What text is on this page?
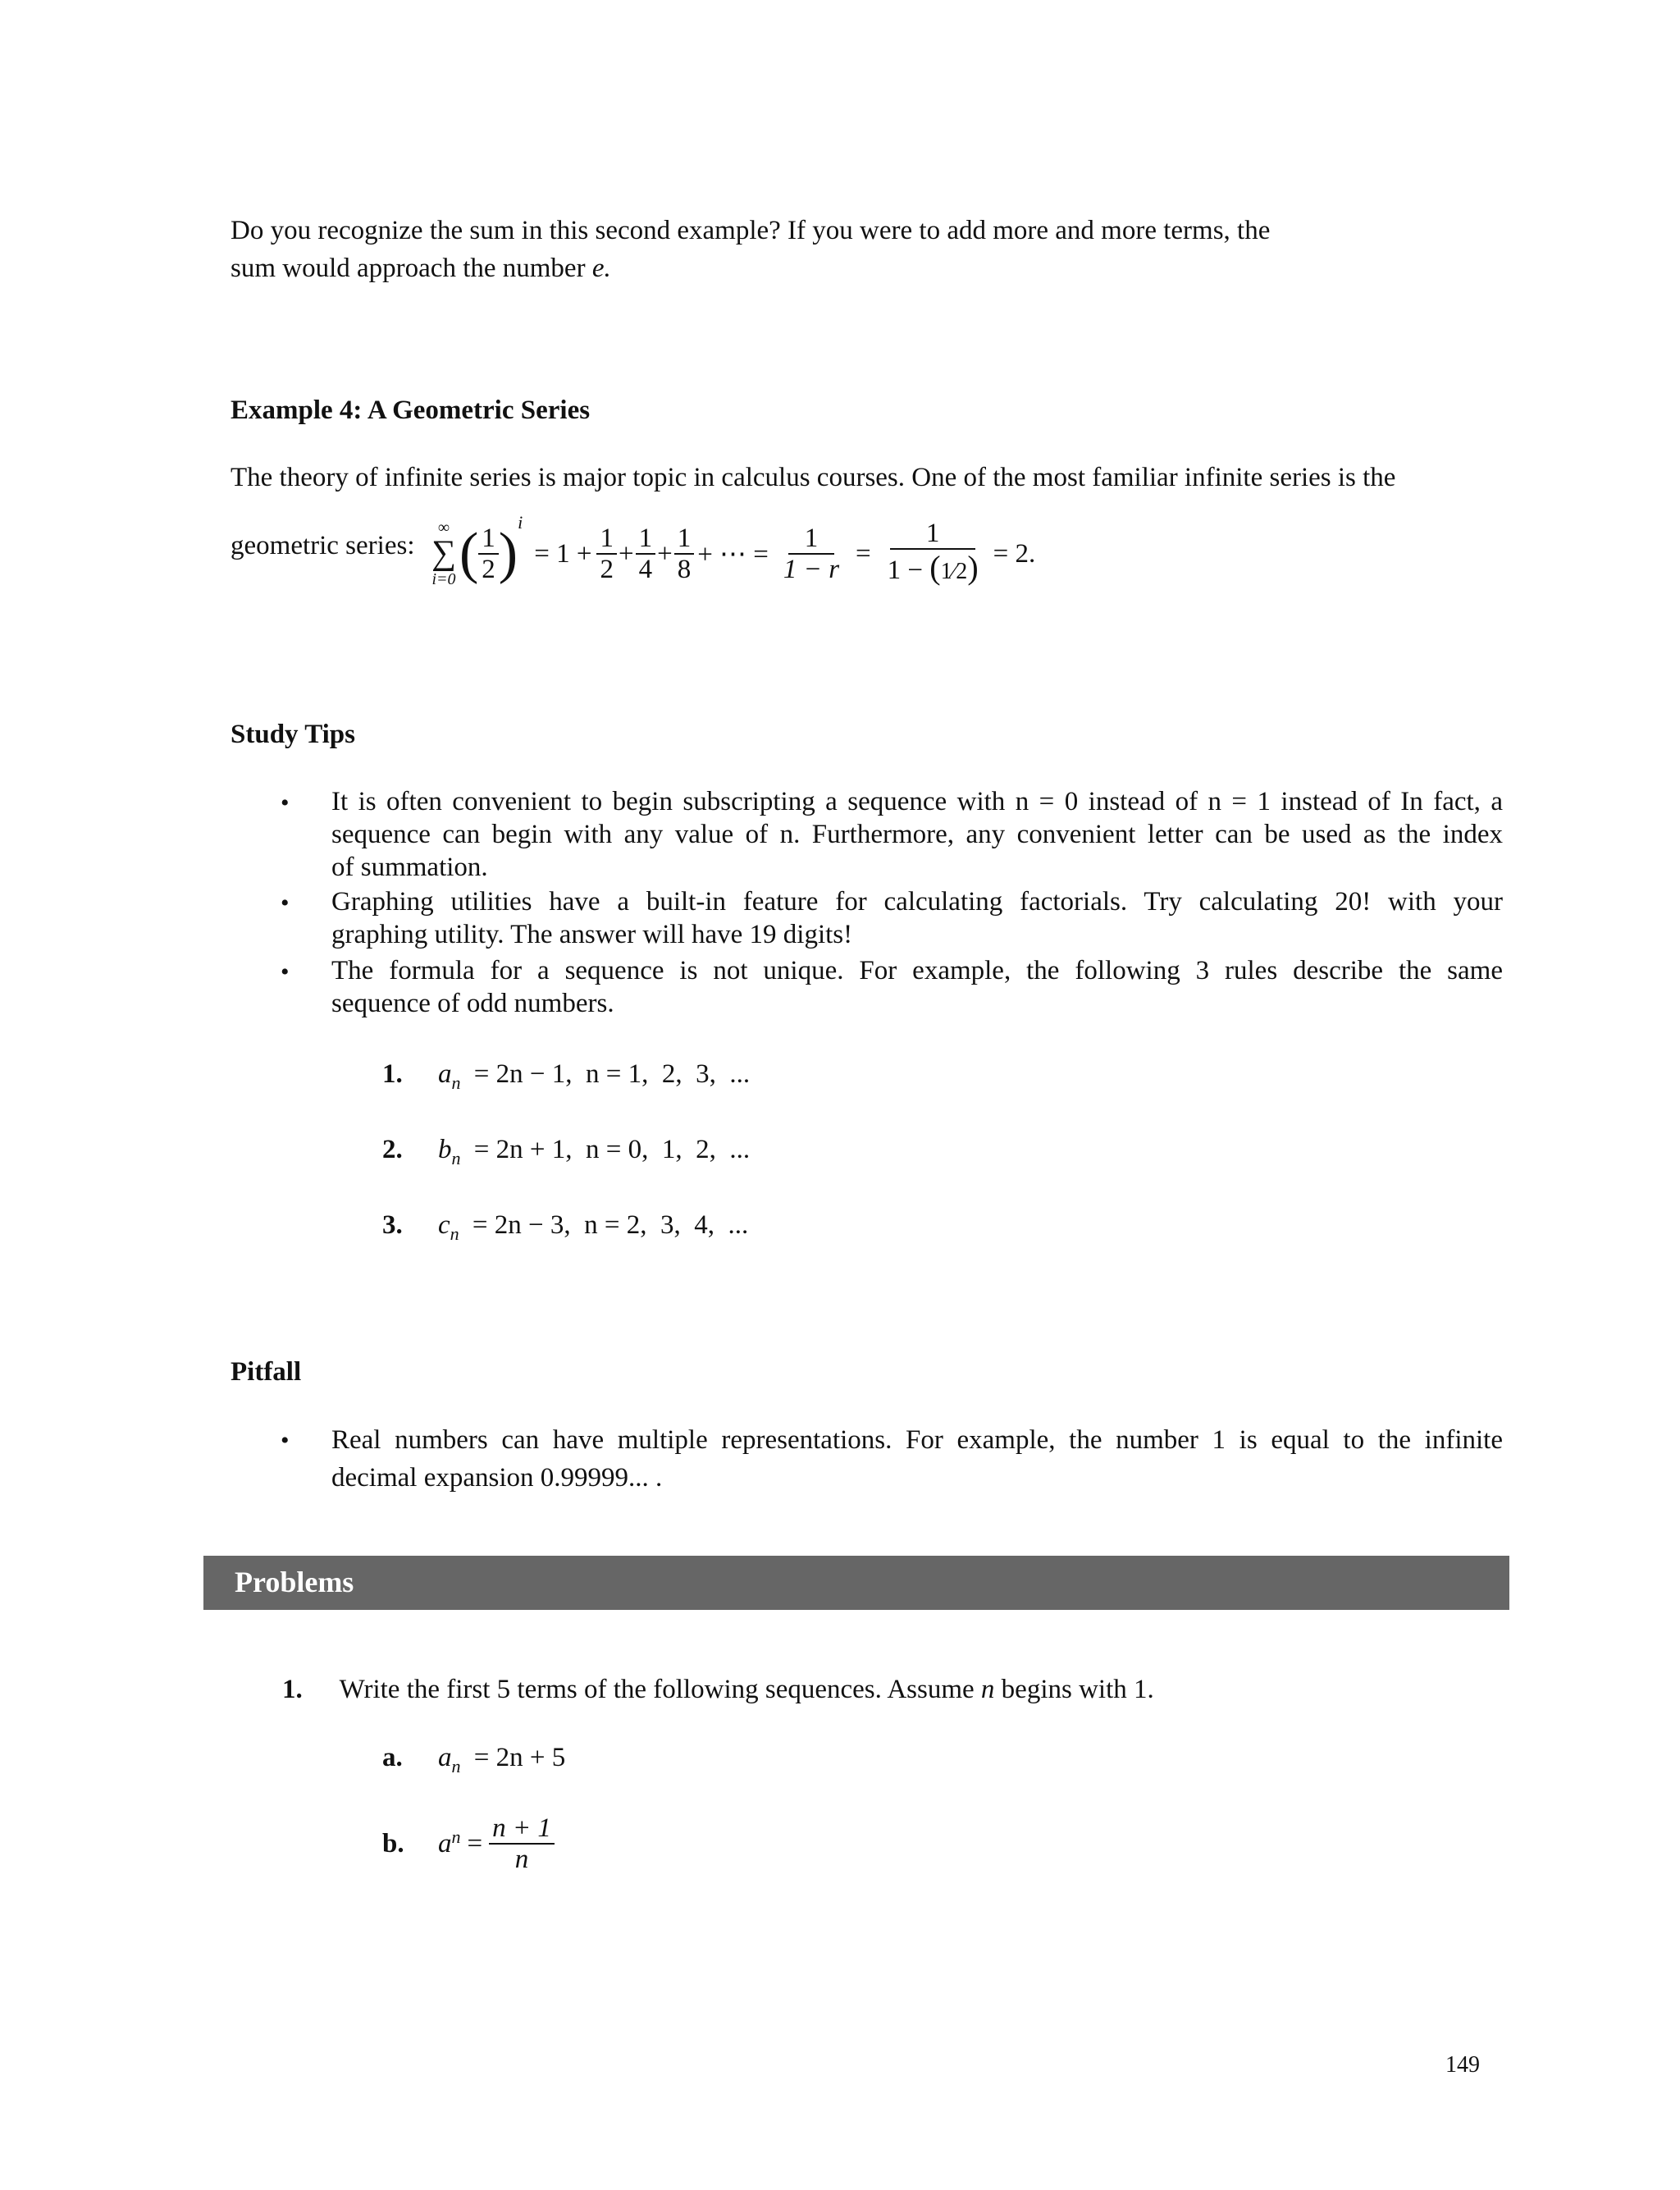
Do you recognize the sum in this second example? If you were to add more and more terms, the
sum would approach the number e.
Example 4: A Geometric Series
The theory of infinite series is major topic in calculus courses. One of the most familiar infinite series is the
geometric series:
∞
∑
i=0 ( $\frac{1}{2}$ ) i
= $1 + \frac{1}{2} + \frac{1}{4} + \frac{1}{8}$ + ⋯ = $\frac{1}{1 - r} = \frac{1}{1 - (1⁄2)} = 2$.
Study Tips
• It is often convenient to begin subscripting a sequence with n = 0 instead of n = 1 instead of In fact, a
sequence can begin with any value of n. Furthermore, any convenient letter can be used as the index
of summation.
• Graphing utilities have a built-in feature for calculating factorials. Try calculating 20! with your
graphing utility. The answer will have 19 digits!
• The formula for a sequence is not unique. For example, the following 3 rules describe the same
sequence of odd numbers.
1. $a_n = 2n - 1$,  n = 1,  2,  3,  ...
2. $b_n = 2n + 1$,  n = 0,  1,  2,  ...
3. $c_n = 2n - 3$,  n = 2,  3,  4,  ...
Pitfall
• Real numbers can have multiple representations. For example, the number 1 is equal to the infinite
decimal expansion 0.99999... .
Problems
1. Write the first 5 terms of the following sequences. Assume n begins with 1.
a. $a_n = 2n + 5$
b.	a $n = \frac{n + 1}{n}$
149
